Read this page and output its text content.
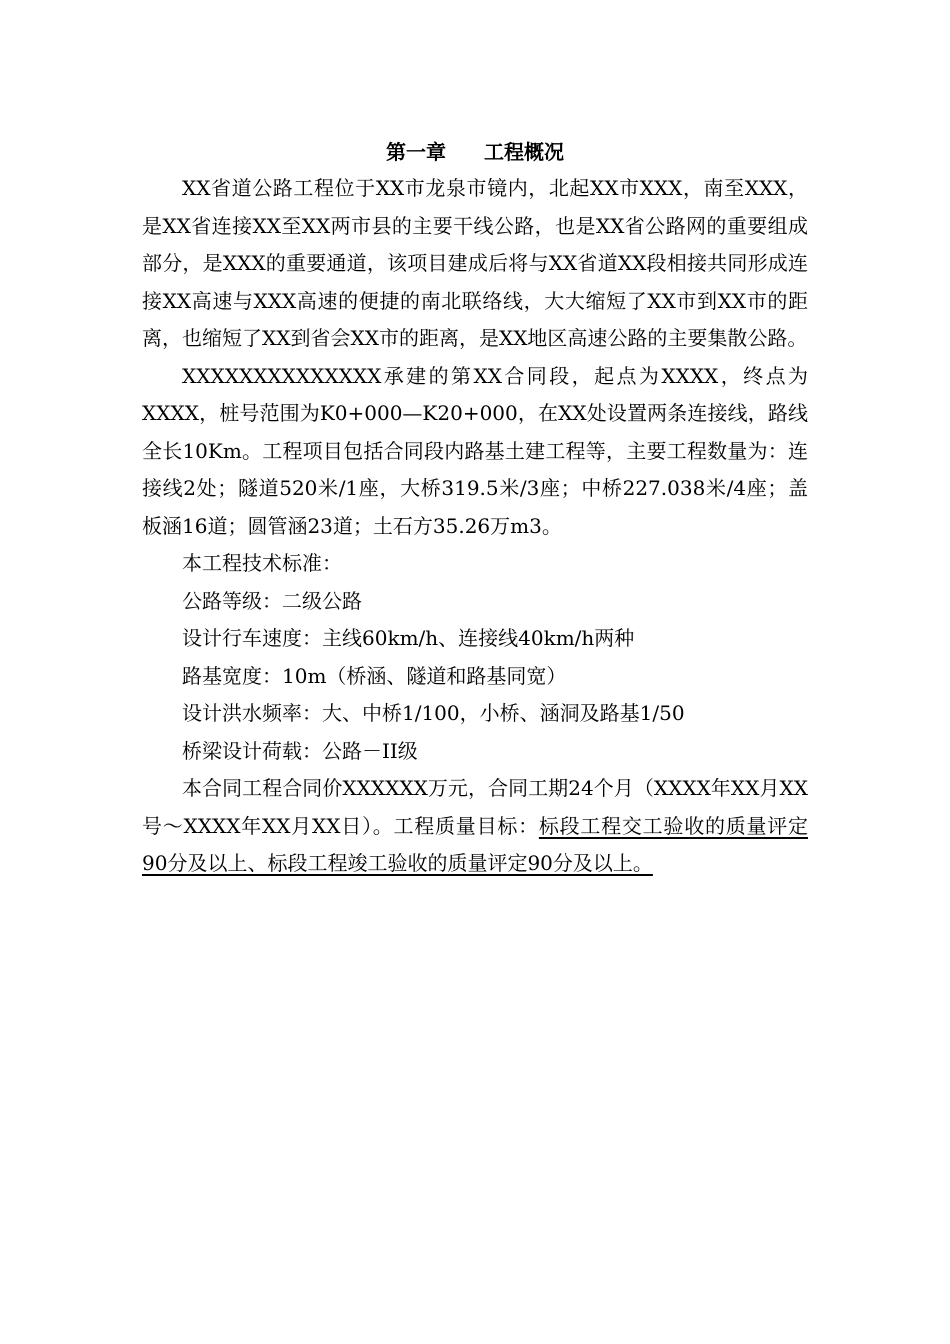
第一章 工程概况

XX省道公路工程位于XX市龙泉市镜内，北起XX市XXX，南至XXX，是XX省连接XX至XX两市县的主要干线公路，也是XX省公路网的重要组成部分，是XXX的重要通道，该项目建成后将与XX省道XX段相接共同形成连接XX高速与XXX高速的便捷的南北联络线，大大缩短了XX市到XX市的距离，也缩短了XX到省会XX市的距离，是XX地区高速公路的主要集散公路。

XXXXXXXXXXXXXX承建的第XX合同段，起点为XXXX，终点为XXXX，桩号范围为K0+000—K20+000，在XX处设置两条连接线，路线全长10Km。工程项目包括合同段内路基土建工程等，主要工程数量为：连接线2处；隧道520米/1座，大桥319.5米/3座；中桥227.038米/4座；盖板涵16道；圆管涵23道；土石方35.26万m3。

本工程技术标准：

公路等级：二级公路

设计行车速度：主线60km/h、连接线40km/h两种

路基宽度：10m（桥涵、隧道和路基同宽）

设计洪水频率：大、中桥1/100，小桥、涵洞及路基1/50

桥梁设计荷载：公路－II级

本合同工程合同价XXXXXX万元，合同工期24个月（XXXX年XX月XX号～XXXX年XX月XX日）。工程质量目标：标段工程交工验收的质量评定90分及以上、标段工程竣工验收的质量评定90分及以上。
